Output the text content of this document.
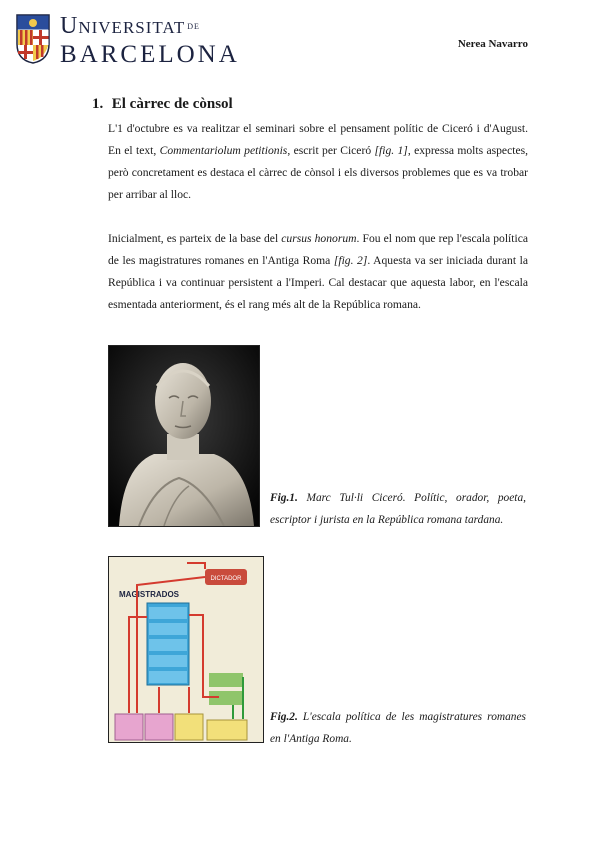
UNIVERSITAT DE
BARCELONA	Nerea Navarro
1. El càrrec de cònsol

L'1 d'octubre es va realitzar el seminari sobre el pensament polític de Ciceró i d'August. En el text, Commentariolum petitionis, escrit per Ciceró [fig. 1], expressa molts aspectes, però concretament es destaca el càrrec de cònsol i els diversos problemes que es va trobar per arribar al lloc.

Inicialment, es parteix de la base del cursus honorum. Fou el nom que rep l'escala política de les magistratures romanes en l'Antiga Roma [fig. 2]. Aquesta va ser iniciada durant la República i va continuar persistent a l'Imperi. Cal destacar que aquesta labor, en l'escala esmentada anteriorment, és el rang més alt de la República romana.

Fig.1. Marc Tul·li Ciceró. Polític, orador, poeta, escriptor i jurista en la República romana tardana.
DICTADOR
MAGISTRADOS
Fig.2. L'escala política de les magistratures romanes en l'Antiga Roma.
